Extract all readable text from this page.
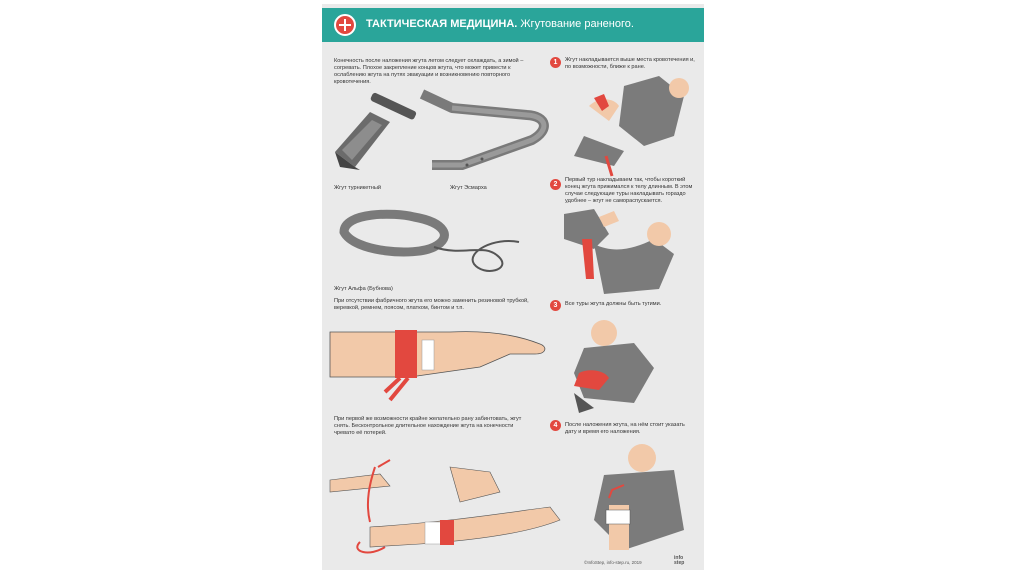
ТАКТИЧЕСКАЯ МЕДИЦИНА. Жгутование раненого.
Конечность после наложения жгута летом следует охлаждать, а зимой – согревать. Плохое закрепление концов жгута, что может привести к ослаблению жгута на путях эвакуации и возникновению повторного кровотечения.
Жгут турникетный	Жгут Эсмарха
Жгут Альфа (Бубнова)
При отсутствии фабричного жгута его можно заменить резиновой трубкой, веревкой, ремнем, поясом, платком, бинтом и т.п.
При первой же возможности крайне желательно рану забинтовать, жгут снять. Бесконтрольное длительное нахождение жгута на конечности чревато её потерей.
1	Жгут накладывается выше места кровотечения и, по возможности, ближе к ране.
2
Первый тур накладываем так, чтобы короткий конец жгута прижимался к телу длинным. В этом случае следующие туры накладывать гораздо удобнее – жгут не самораспускается.
3	Все туры жгута должны быть тугими.
4	После наложения жгута, на нём стоит указать дату и время его наложения.
©InfoStep, info-step.ru, 2019
info step
